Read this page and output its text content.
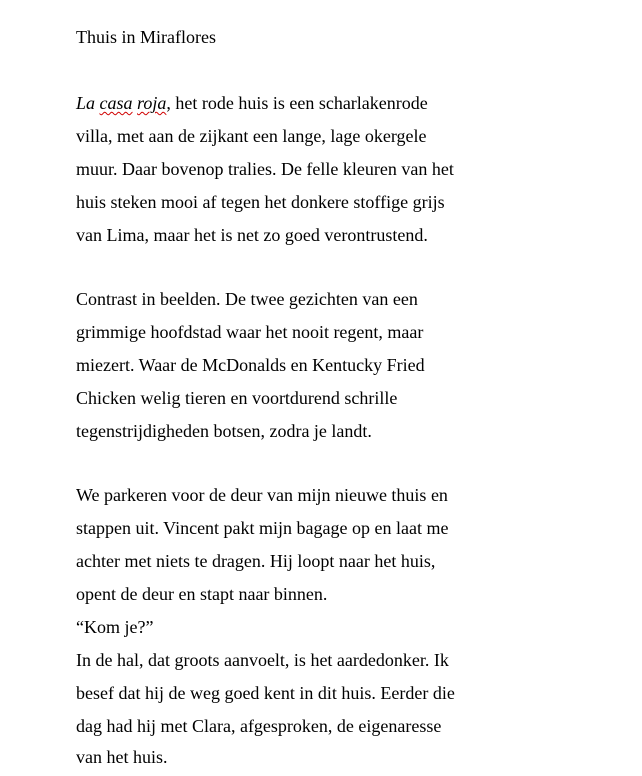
Thuis in Miraflores
La casa roja, het rode huis is een scharlakenrode
villa, met aan de zijkant een lange, lage okergele
muur. Daar bovenop tralies. De felle kleuren van het
huis steken mooi af tegen het donkere stoffige grijs
van Lima, maar het is net zo goed verontrustend.
Contrast in beelden. De twee gezichten van een
grimmige hoofdstad waar het nooit regent, maar
miezert. Waar de McDonalds en Kentucky Fried
Chicken welig tieren en voortdurend schrille
tegenstrijdigheden botsen, zodra je landt.
We parkeren voor de deur van mijn nieuwe thuis en
stappen uit. Vincent pakt mijn bagage op en laat me
achter met niets te dragen. Hij loopt naar het huis,
opent de deur en stapt naar binnen.
“Kom je?”
In de hal, dat groots aanvoelt, is het aardedonker. Ik
besef dat hij de weg goed kent in dit huis. Eerder die
dag had hij met Clara, afgesproken, de eigenaresse
van het huis.
